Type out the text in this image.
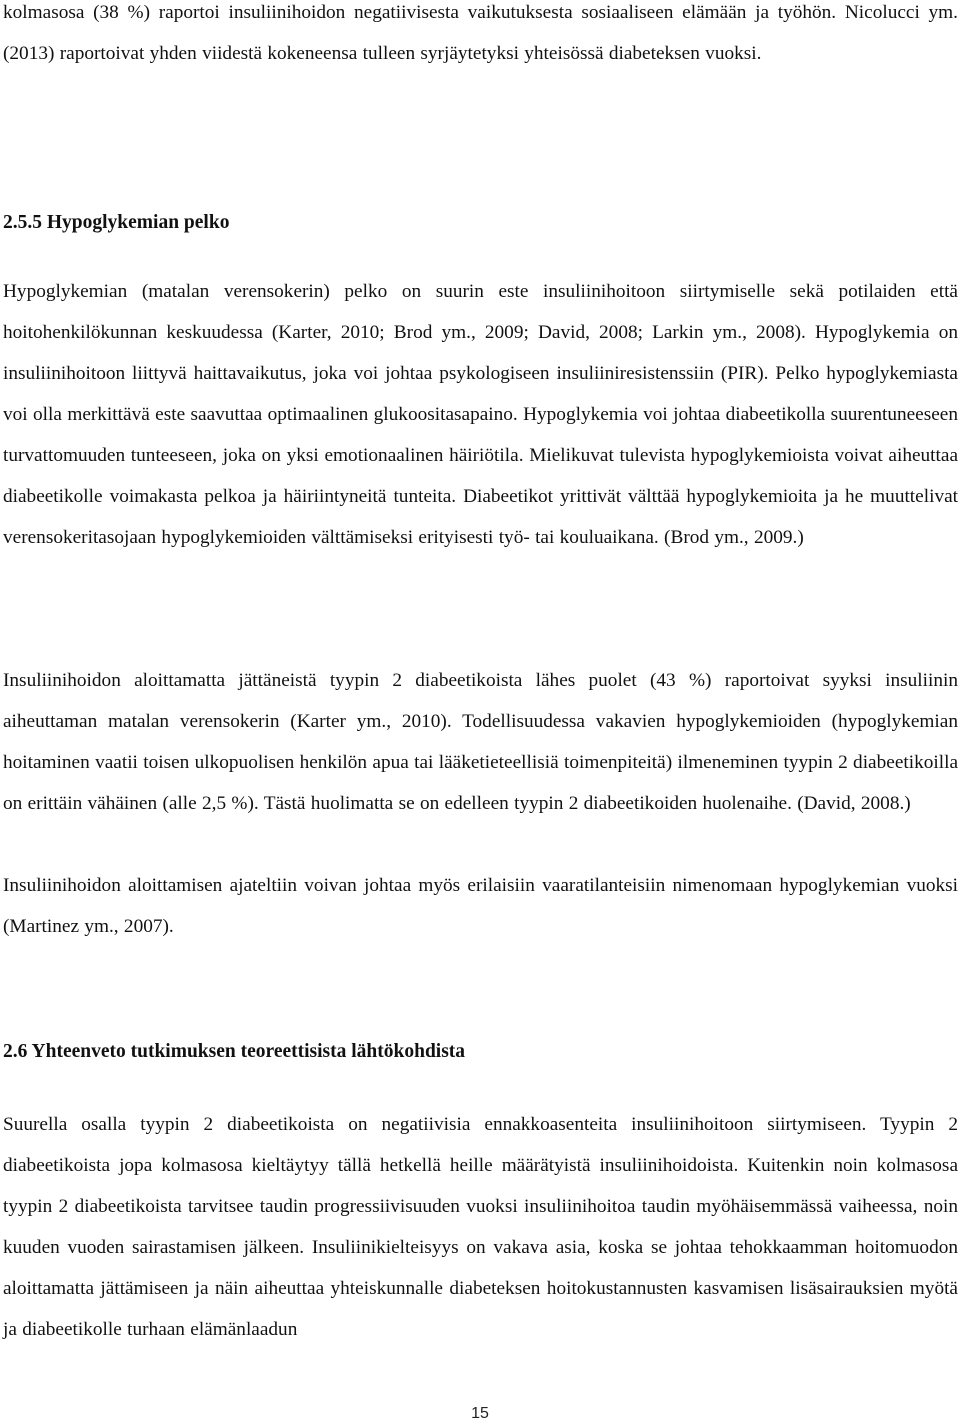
kolmasosa (38 %) raportoi insuliinihoidon negatiivisesta vaikutuksesta sosiaaliseen elämään ja työhön. Nicolucci ym. (2013) raportoivat yhden viidestä kokeneensa tulleen syrjäytetyksi yhteisössä diabeteksen vuoksi.

2.5.5 Hypoglykemian pelko

Hypoglykemian (matalan verensokerin) pelko on suurin este insuliinihoitoon siirtymiselle sekä potilaiden että hoitohenkilökunnan keskuudessa (Karter, 2010; Brod ym., 2009; David, 2008; Larkin ym., 2008). Hypoglykemia on insuliinihoitoon liittyvä haittavaikutus, joka voi johtaa psykologiseen insuliiniresistenssiin (PIR). Pelko hypoglykemiasta voi olla merkittävä este saavuttaa optimaalinen glukoositasapaino. Hypoglykemia voi johtaa diabeetikolla suurentuneeseen turvattomuuden tunteeseen, joka on yksi emotionaalinen häiriötila. Mielikuvat tulevista hypoglykemioista voivat aiheuttaa diabeetikolle voimakasta pelkoa ja häiriintyneitä tunteita. Diabeetikot yrittivät välttää hypoglykemioita ja he muuttelivat verensokeritasojaan hypoglykemioiden välttämiseksi erityisesti työ- tai kouluaikana. (Brod ym., 2009.)

Insuliinihoidon aloittamatta jättäneistä tyypin 2 diabeetikoista lähes puolet (43 %) raportoivat syyksi insuliinin aiheuttaman matalan verensokerin (Karter ym., 2010). Todellisuudessa vakavien hypoglykemioiden (hypoglykemian hoitaminen vaatii toisen ulkopuolisen henkilön apua tai lääketieteellisiä toimenpiteitä) ilmeneminen tyypin 2 diabeetikoilla on erittäin vähäinen (alle 2,5 %). Tästä huolimatta se on edelleen tyypin 2 diabeetikoiden huolenaihe. (David, 2008.)

Insuliinihoidon aloittamisen ajateltiin voivan johtaa myös erilaisiin vaaratilanteisiin nimenomaan hypoglykemian vuoksi (Martinez ym., 2007).

2.6 Yhteenveto tutkimuksen teoreettisista lähtökohdista

Suurella osalla tyypin 2 diabeetikoista on negatiivisia ennakkoasenteita insuliinihoitoon siirtymiseen. Tyypin 2 diabeetikoista jopa kolmasosa kieltäytyy tällä hetkellä heille määrätyistä insuliinihoidoista. Kuitenkin noin kolmasosa tyypin 2 diabeetikoista tarvitsee taudin progressiivisuuden vuoksi insuliinihoitoa taudin myöhäisemmässä vaiheessa, noin kuuden vuoden sairastamisen jälkeen. Insuliinikielteisyys on vakava asia, koska se johtaa tehokkaamman hoitomuodon aloittamatta jättämiseen ja näin aiheuttaa yhteiskunnalle diabeteksen hoitokustannusten kasvamisen lisäsairauksien myötä ja diabeetikolle turhaan elämänlaadun

15
